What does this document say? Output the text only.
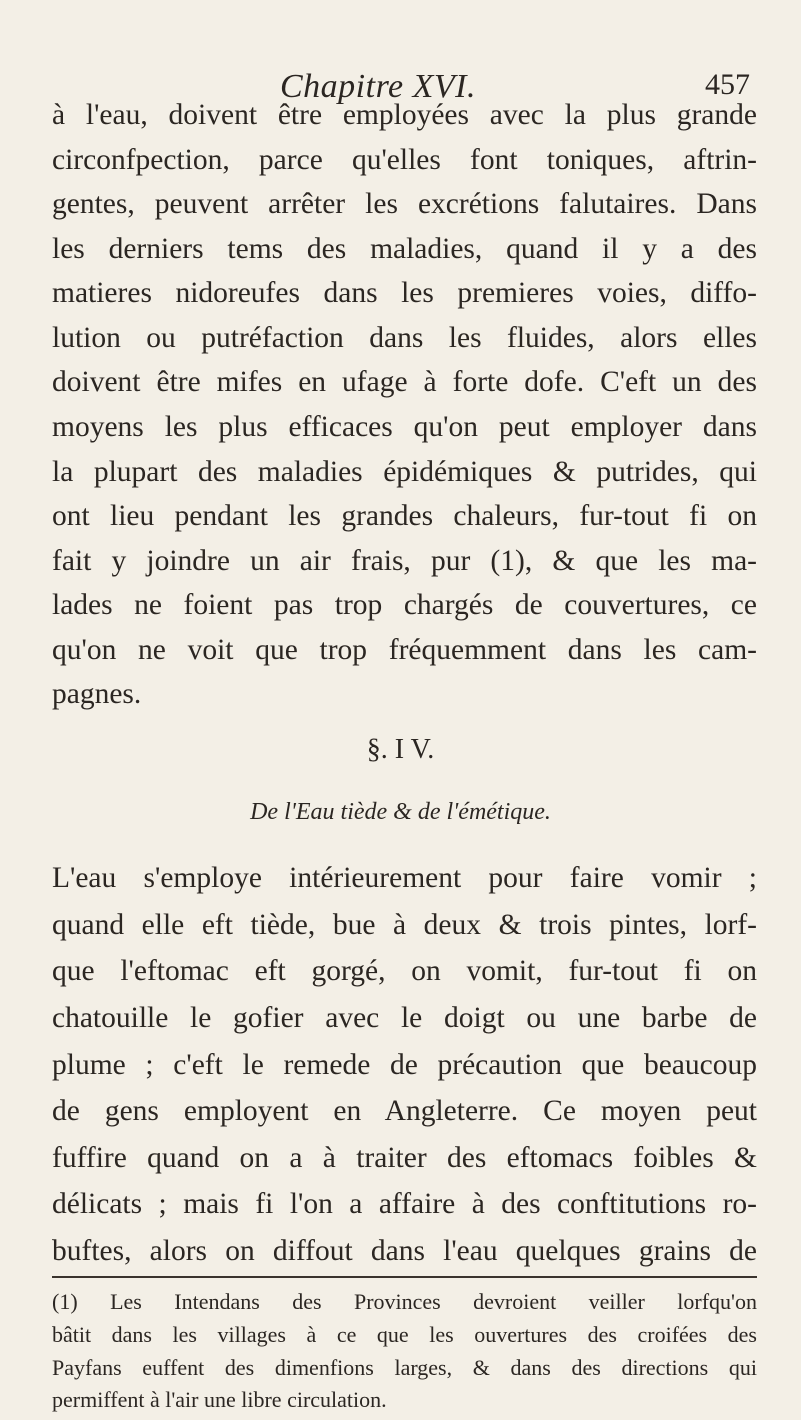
Chapitre XVI.	457
à l'eau, doivent être employées avec la plus grande
circonfpection, parce qu'elles font toniques, aftrin-
gentes, peuvent arrêter les excrétions falutaires. Dans
les derniers tems des maladies, quand il y a des
matieres nidoreufes dans les premieres voies, diffo-
lution ou putréfaction dans les fluides, alors elles
doivent être mifes en ufage à forte dofe. C'eft un des
moyens les plus efficaces qu'on peut employer dans
la plupart des maladies épidémiques & putrides, qui
ont lieu pendant les grandes chaleurs, fur-tout fi on
fait y joindre un air frais, pur (1), & que les ma-
lades ne foient pas trop chargés de couvertures, ce
qu'on ne voit que trop fréquemment dans les cam-
pagnes.
§. I V.
De l'Eau tiède & de l'émétique.
L'eau s'employe intérieurement pour faire vomir ;
quand elle eft tiède, bue à deux & trois pintes, lorf-
que l'eftomac eft gorgé, on vomit, fur-tout fi on
chatouille le gofier avec le doigt ou une barbe de
plume ; c'eft le remede de précaution que beaucoup
de gens employent en Angleterre. Ce moyen peut
fuffire quand on a à traiter des eftomacs foibles &
délicats ; mais fi l'on a affaire à des conftitutions ro-
buftes, alors on diffout dans l'eau quelques grains de
(1) Les Intendans des Provinces devroient veiller lorfqu'on
bâtit dans les villages à ce que les ouvertures des croifées des
Payfans euffent des dimenfions larges, & dans des directions qui
permiffent à l'air une libre circulation.
